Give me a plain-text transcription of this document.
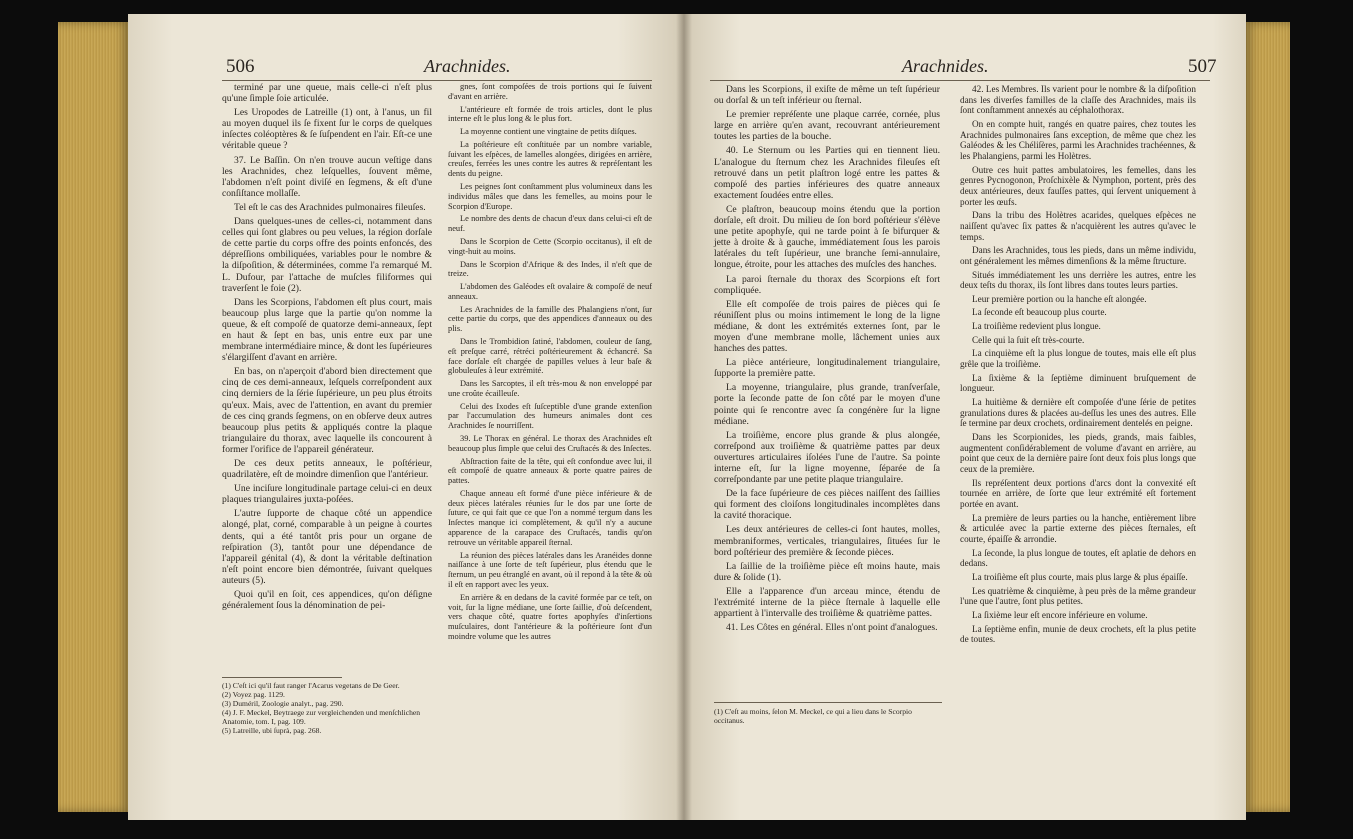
506	Arachnides.

terminé par une queue, mais celle-ci n'eſt plus qu'une ſimple ſoie articulée.

Les Uropodes de Latreille (1) ont, à l'anus, un fil au moyen duquel ils ſe fixent ſur le corps de quelques inſectes coléoptères & ſe ſuſpendent en l'air. Eſt-ce une véritable queue ?

37. Le Baſſin. On n'en trouve aucun veſtige dans les Arachnides, chez leſquelles, ſouvent même, l'abdomen n'eſt point diviſé en ſegmens, & eſt d'une conſiſtance mollaſſe.

Tel eſt le cas des Arachnides pulmonaires fileuſes.

Dans quelques-unes de celles-ci, notamment dans celles qui ſont glabres ou peu velues, la région dorſale de cette partie du corps offre des points enfoncés, des dépreſſions ombiliquées, variables pour le nombre & la diſpoſition, & déterminées, comme l'a remarqué M. L. Dufour, par l'attache de muſcles filiformes qui traverſent le foie (2).

Dans les Scorpions, l'abdomen eſt plus court, mais beaucoup plus large que la partie qu'on nomme la queue, & eſt compoſé de quatorze demi-anneaux, ſept en haut & ſept en bas, unis entre eux par une membrane intermédiaire mince, & dont les ſupérieures s'élargiſſent d'avant en arrière.

En bas, on n'aperçoit d'abord bien directement que cinq de ces demi-anneaux, leſquels correſpondent aux cinq derniers de la ſérie ſupérieure, un peu plus étroits qu'eux. Mais, avec de l'attention, en avant du premier de ces cinq grands ſegmens, on en obſerve deux autres beaucoup plus petits & appliqués contre la plaque triangulaire du thorax, avec laquelle ils concourent à former l'orifice de l'appareil générateur.

De ces deux petits anneaux, le poſtérieur, quadrilatère, eſt de moindre dimenſion que l'antérieur.

Une inciſure longitudinale partage celui-ci en deux plaques triangulaires juxta-poſées.

L'autre ſupporte de chaque côté un appendice alongé, plat, corné, comparable à un peigne à courtes dents, qui a été tantôt pris pour un organe de reſpiration (3), tantôt pour une dépendance de l'appareil génital (4), & dont la véritable deſtination n'eſt point encore bien démontrée, ſuivant quelques auteurs (5).

Quoi qu'il en ſoit, ces appendices, qu'on déſigne généralement ſous la dénomination de pei-

gnes, ſont compoſées de trois portions qui ſe ſuivent d'avant en arrière.

L'antérieure eſt formée de trois articles, dont le plus interne eſt le plus long & le plus fort.

La moyenne contient une vingtaine de petits diſques.

La poſtérieure eſt conſtituée par un nombre variable, ſuivant les eſpèces, de lamelles alongées, dirigées en arrière, creuſes, ferrées les unes contre les autres & repréſentant les dents du peigne.

Les peignes ſont conſtamment plus volumineux dans les individus mâles que dans les femelles, au moins pour le Scorpion d'Europe.

Le nombre des dents de chacun d'eux dans celui-ci eſt de neuf.

Dans le Scorpion de Cette (Scorpio occitanus), il eſt de vingt-huit au moins.

Dans le Scorpion d'Afrique & des Indes, il n'eſt que de treize.

L'abdomen des Galéodes eſt ovalaire & compoſé de neuf anneaux.

Les Arachnides de la famille des Phalangiens n'ont, ſur cette partie du corps, que des appendices d'anneaux ou des plis.

Dans le Trombidion ſatiné, l'abdomen, couleur de ſang, eſt preſque carré, rétréci poſtérieurement & échancré. Sa face dorſale eſt chargée de papilles velues à leur baſe & globuleuſes à leur extrémité.

Dans les Sarcoptes, il eſt très-mou & non enveloppé par une croûte écailleuſe.

Celui des Ixodes eſt ſuſceptible d'une grande extenſion par l'accumulation des humeurs animales dont ces Arachnides ſe nourriſſent.

39. Le Thorax en général. Le thorax des Arachnides eſt beaucoup plus ſimple que celui des Cruſtacés & des Inſectes.

Abſtraction faite de la tête, qui eſt confondue avec lui, il eſt compoſé de quatre anneaux & porte quatre paires de pattes.

Chaque anneau eſt formé d'une pièce inférieure & de deux pièces latérales réunies ſur le dos par une ſorte de ſuture, ce qui fait que ce que l'on a nommé tergum dans les Inſectes manque ici complètement, & qu'il n'y a aucune apparence de la carapace des Cruſtacés, tandis qu'on retrouve un véritable appareil ſternal.

La réunion des pièces latérales dans les Aranéides donne naiſſance à une ſorte de teſt ſupérieur, plus étendu que le ſternum, un peu étranglé en avant, où il repond à la tête & où il eſt en rapport avec les yeux.

En arrière & en dedans de la cavité formée par ce teſt, on voit, ſur la ligne médiane, une ſorte ſaillie, d'où deſcendent, vers chaque côté, quatre fortes apophyſes d'inſertions muſculaires, dont l'antérieure & la poſtérieure ſont d'un moindre volume que les autres

(1) C'eſt ici qu'il faut ranger l'Acarus vegetans de De Geer.
(2) Voyez pag. 1129.
(3) Duméril, Zoologie analyt., pag. 290.
(4) J. F. Meckel, Beytraege zur vergleichenden und menſchlichen Anatomie, tom. I, pag. 109.
(5) Latreille, ubi ſuprà, pag. 268.
Arachnides.	507

Dans les Scorpions, il exiſte de même un teſt ſupérieur ou dorſal & un teſt inférieur ou ſternal.

Le premier repréſente une plaque carrée, cornée, plus large en arrière qu'en avant, recouvrant antérieurement toutes les parties de la bouche.

40. Le Sternum ou les Parties qui en tiennent lieu. L'analogue du ſternum chez les Arachnides fileuſes eſt retrouvé dans un petit plaſtron logé entre les pattes & compoſé des parties inférieures des quatre anneaux exactement ſoudées entre elles.

Ce plaſtron, beaucoup moins étendu que la portion dorſale, eſt droit. Du milieu de ſon bord poſtérieur s'élève une petite apophyſe, qui ne tarde point à ſe bifurquer & jette à droite & à gauche, immédiatement ſous les parois latérales du teſt ſupérieur, une branche ſemi-annulaire, longue, étroite, pour les attaches des muſcles des hanches.

La paroi ſternale du thorax des Scorpions eſt fort compliquée.

Elle eſt compoſée de trois paires de pièces qui ſe réuniſſent plus ou moins intimement le long de la ligne médiane, & dont les extrémités externes ſont, par le moyen d'une membrane molle, lâchement unies aux hanches des pattes.

La pièce antérieure, longitudinalement triangulaire, ſupporte la première patte.

La moyenne, triangulaire, plus grande, tranſverſale, porte la ſeconde patte de ſon côté par le moyen d'une pointe qui ſe rencontre avec ſa congénère ſur la ligne médiane.

La troiſième, encore plus grande & plus alongée, correſpond aux troiſième & quatrième pattes par deux ouvertures articulaires iſolées l'une de l'autre. Sa pointe interne eſt, ſur la ligne moyenne, ſéparée de ſa correſpondante par une petite plaque triangulaire.

De la face ſupérieure de ces pièces naiſſent des ſaillies qui forment des cloiſons longitudinales incomplètes dans la cavité thoracique.

Les deux antérieures de celles-ci ſont hautes, molles, membraniformes, verticales, triangulaires, ſituées ſur le bord poſtérieur des première & ſeconde pièces.

La ſaillie de la troiſième pièce eſt moins haute, mais dure & ſolide (1).

Elle a l'apparence d'un arceau mince, étendu de l'extrémité interne de la pièce ſternale à laquelle elle appartient à l'intervalle des troiſième & quatrième pattes.

41. Les Côtes en général. Elles n'ont point d'analogues.

42. Les Membres. Ils varient pour le nombre & la diſpoſition dans les diverſes familles de la claſſe des Arachnides, mais ils ſont conſtamment annexés au céphalothorax.

On en compte huit, rangés en quatre paires, chez toutes les Arachnides pulmonaires ſans exception, de même que chez les Galéodes & les Chéliſères, parmi les Arachnides trachéennes, & les Phalangiens, parmi les Holètres.

Outre ces huit pattes ambulatoires, les femelles, dans les genres Pycnogonon, Proſchixèle & Nymphon, portent, près des deux antérieures, deux fauſſes pattes, qui ſervent uniquement à porter les œufs.

Dans la tribu des Holètres acarides, quelques eſpèces ne naiſſent qu'avec ſix pattes & n'acquièrent les autres qu'avec le temps.

Dans les Arachnides, tous les pieds, dans un même individu, ont généralement les mêmes dimenſions & la même ſtructure.

Situés immédiatement les uns derrière les autres, entre les deux teſts du thorax, ils ſont libres dans toutes leurs parties.

Leur première portion ou la hanche eſt alongée.

La ſeconde eſt beaucoup plus courte.

La troiſième redevient plus longue.

Celle qui la ſuit eſt très-courte.

La cinquième eſt la plus longue de toutes, mais elle eſt plus grêle que la troiſième.

La ſixième & la ſeptième diminuent bruſquement de longueur.

La huitième & dernière eſt compoſée d'une ſérie de petites granulations dures & placées au-deſſus les unes des autres. Elle ſe termine par deux crochets, ordinairement dentelés en peigne.

Dans les Scorpionides, les pieds, grands, mais faibles, augmentent conſidérablement de volume d'avant en arrière, au point que ceux de la dernière paire ſont deux fois plus longs que ceux de la première.

Ils repréſentent deux portions d'arcs dont la convexité eſt tournée en arrière, de ſorte que leur extrémité eſt fortement portée en avant.

La première de leurs parties ou la hanche, entièrement libre & articulée avec la partie externe des pièces ſternales, eſt courte, épaiſſe & arrondie.

La ſeconde, la plus longue de toutes, eſt aplatie de dehors en dedans.

La troiſième eſt plus courte, mais plus large & plus épaiſſe.

Les quatrième & cinquième, à peu près de la même grandeur l'une que l'autre, ſont plus petites.

La ſixième leur eſt encore inférieure en volume.

La ſeptième enfin, munie de deux crochets, eſt la plus petite de toutes.

(1) C'eſt au moins, ſelon M. Meckel, ce qui a lieu dans le Scorpio occitanus.
